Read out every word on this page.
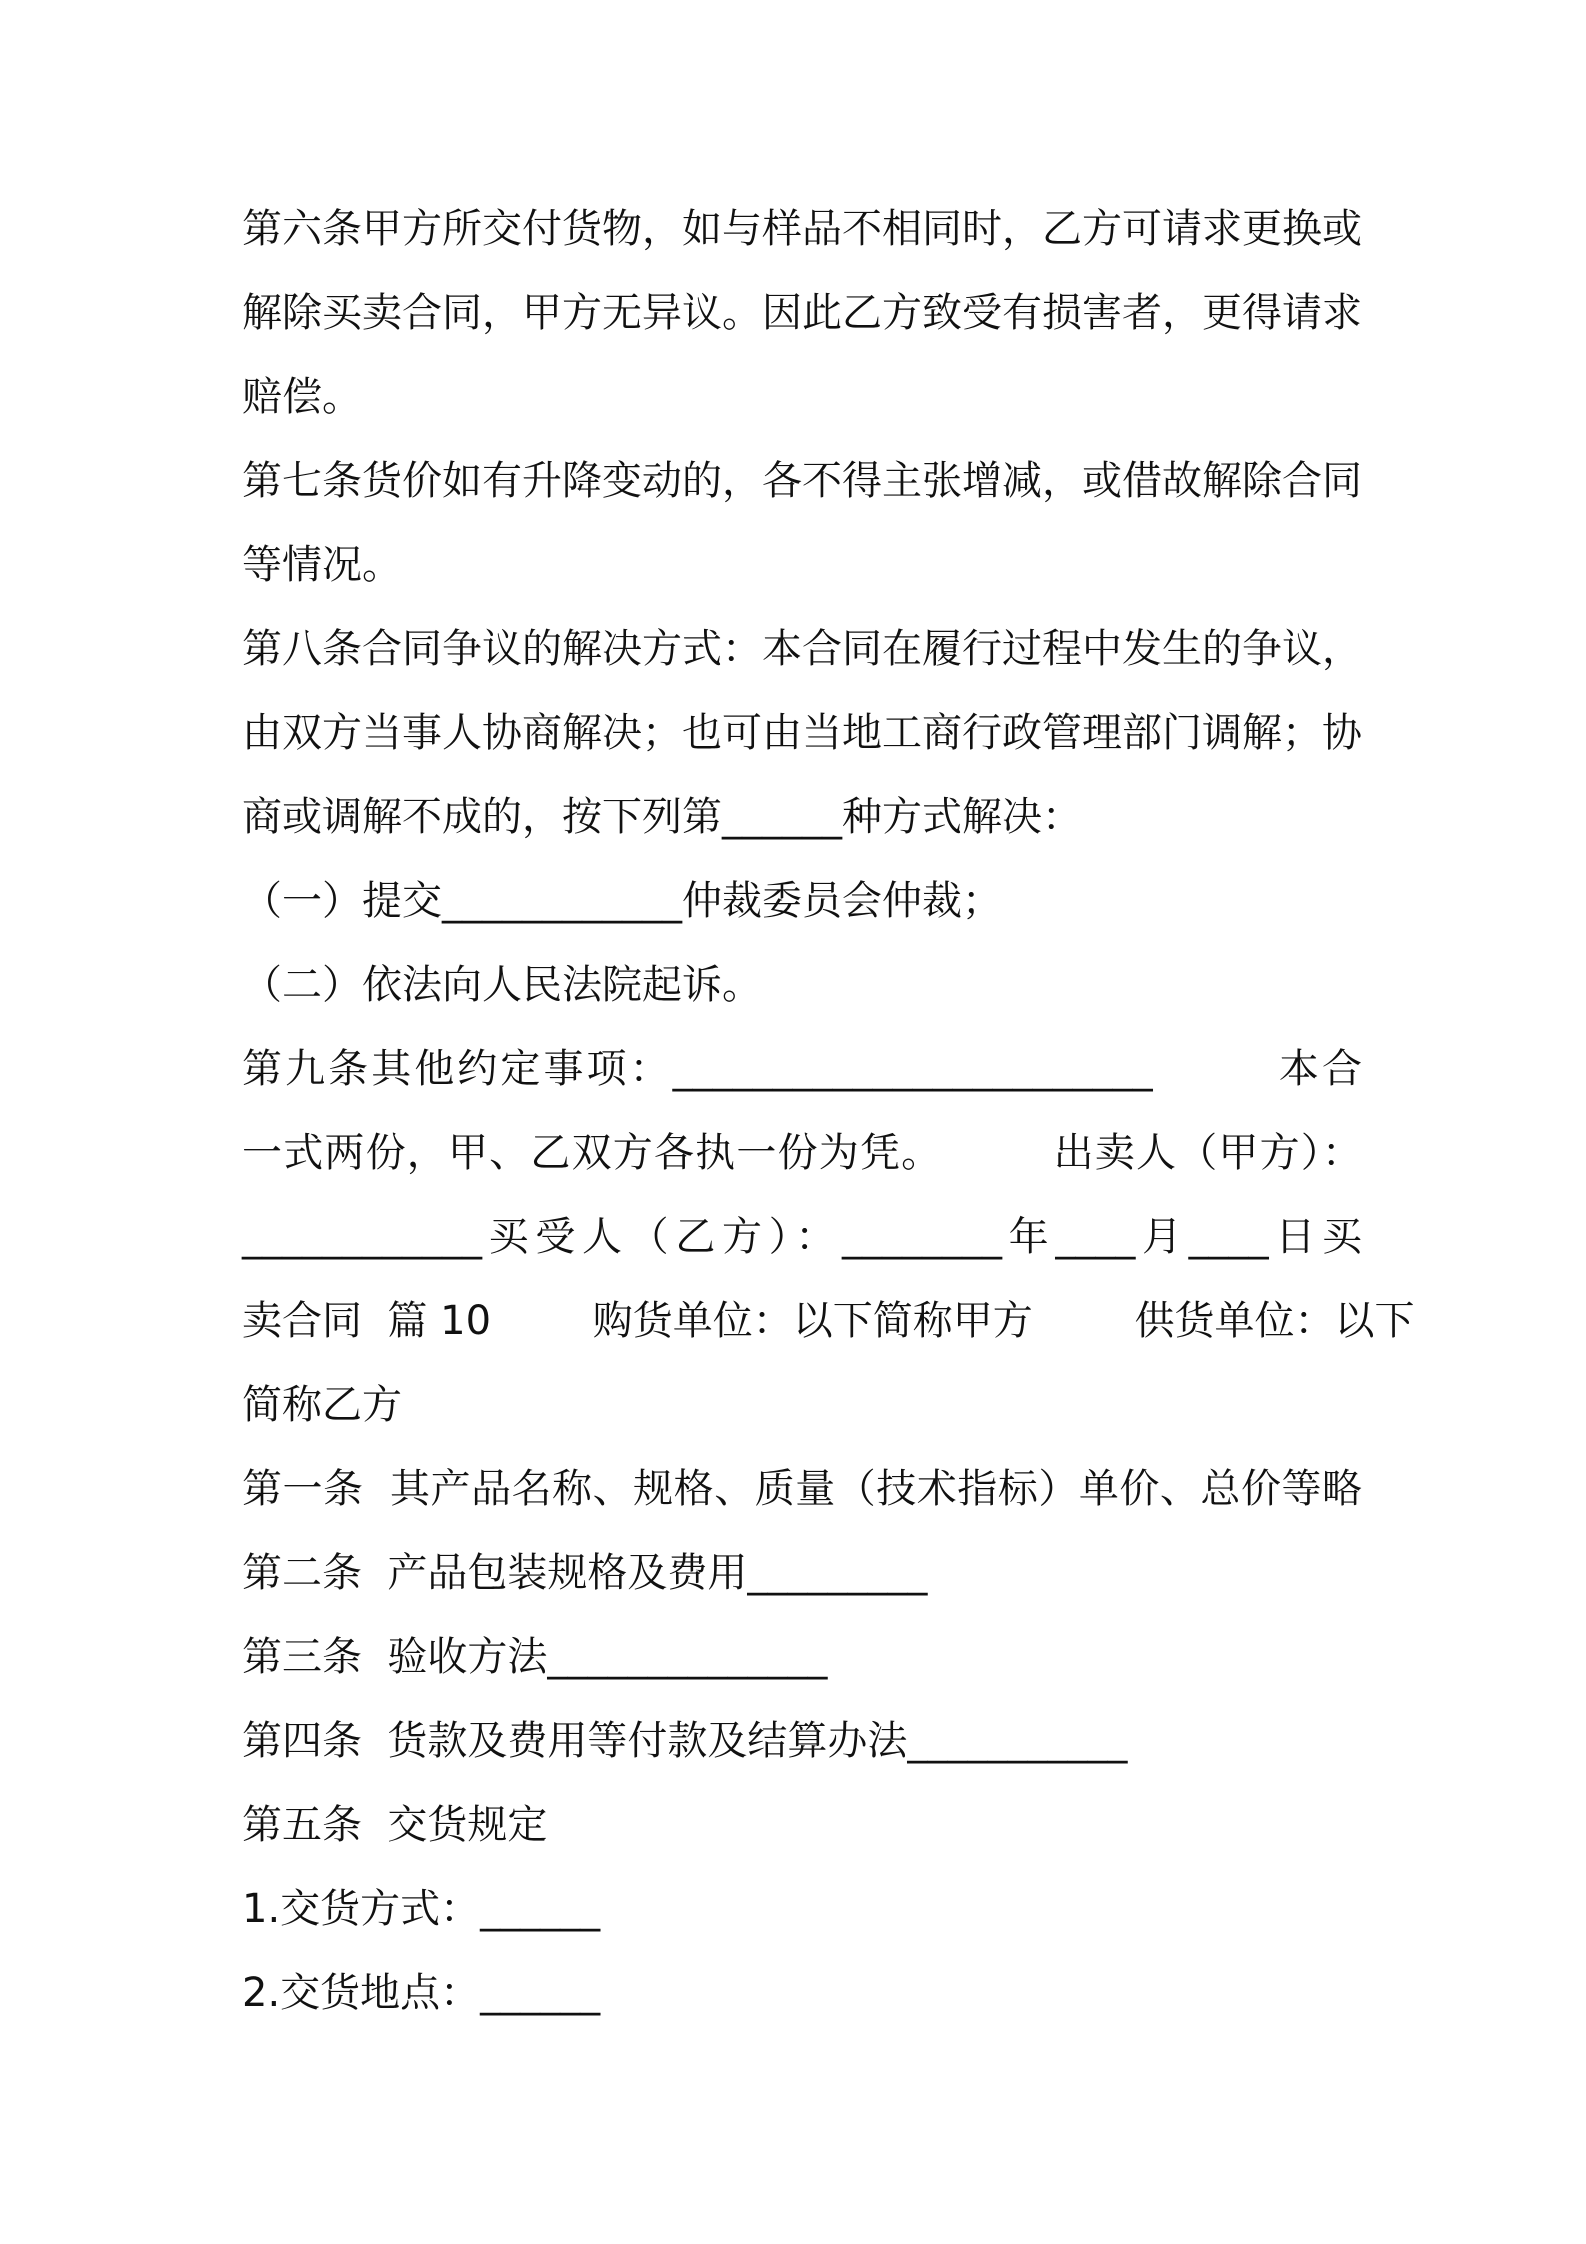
第六条甲方所交付货物，如与样品不相同时，乙方可请求更换或
解除买卖合同，甲方无异议。因此乙方致受有损害者，更得请求
赔偿。
第七条货价如有升降变动的，各不得主张增减，或借故解除合同
等情况。
第八条合同争议的解决方式：本合同在履行过程中发生的争议，
由双方当事人协商解决；也可由当地工商行政管理部门调解；协
商或调解不成的，按下列第______种方式解决：
（一）提交____________仲裁委员会仲裁；
（二）依法向人民法院起诉。
第九条其他约定事项：________________________        本合
一式两份，甲、乙双方各执一份为凭。        出卖人（甲方）：
____________买受人（乙方）：________年____月____日买
卖合同  篇 10        购货单位：以下简称甲方        供货单位：以下
简称乙方
第一条  其产品名称、规格、质量（技术指标）单价、总价等略
第二条  产品包装规格及费用_________
第三条  验收方法______________
第四条  货款及费用等付款及结算办法___________
第五条  交货规定
1.交货方式：______
2.交货地点：______
